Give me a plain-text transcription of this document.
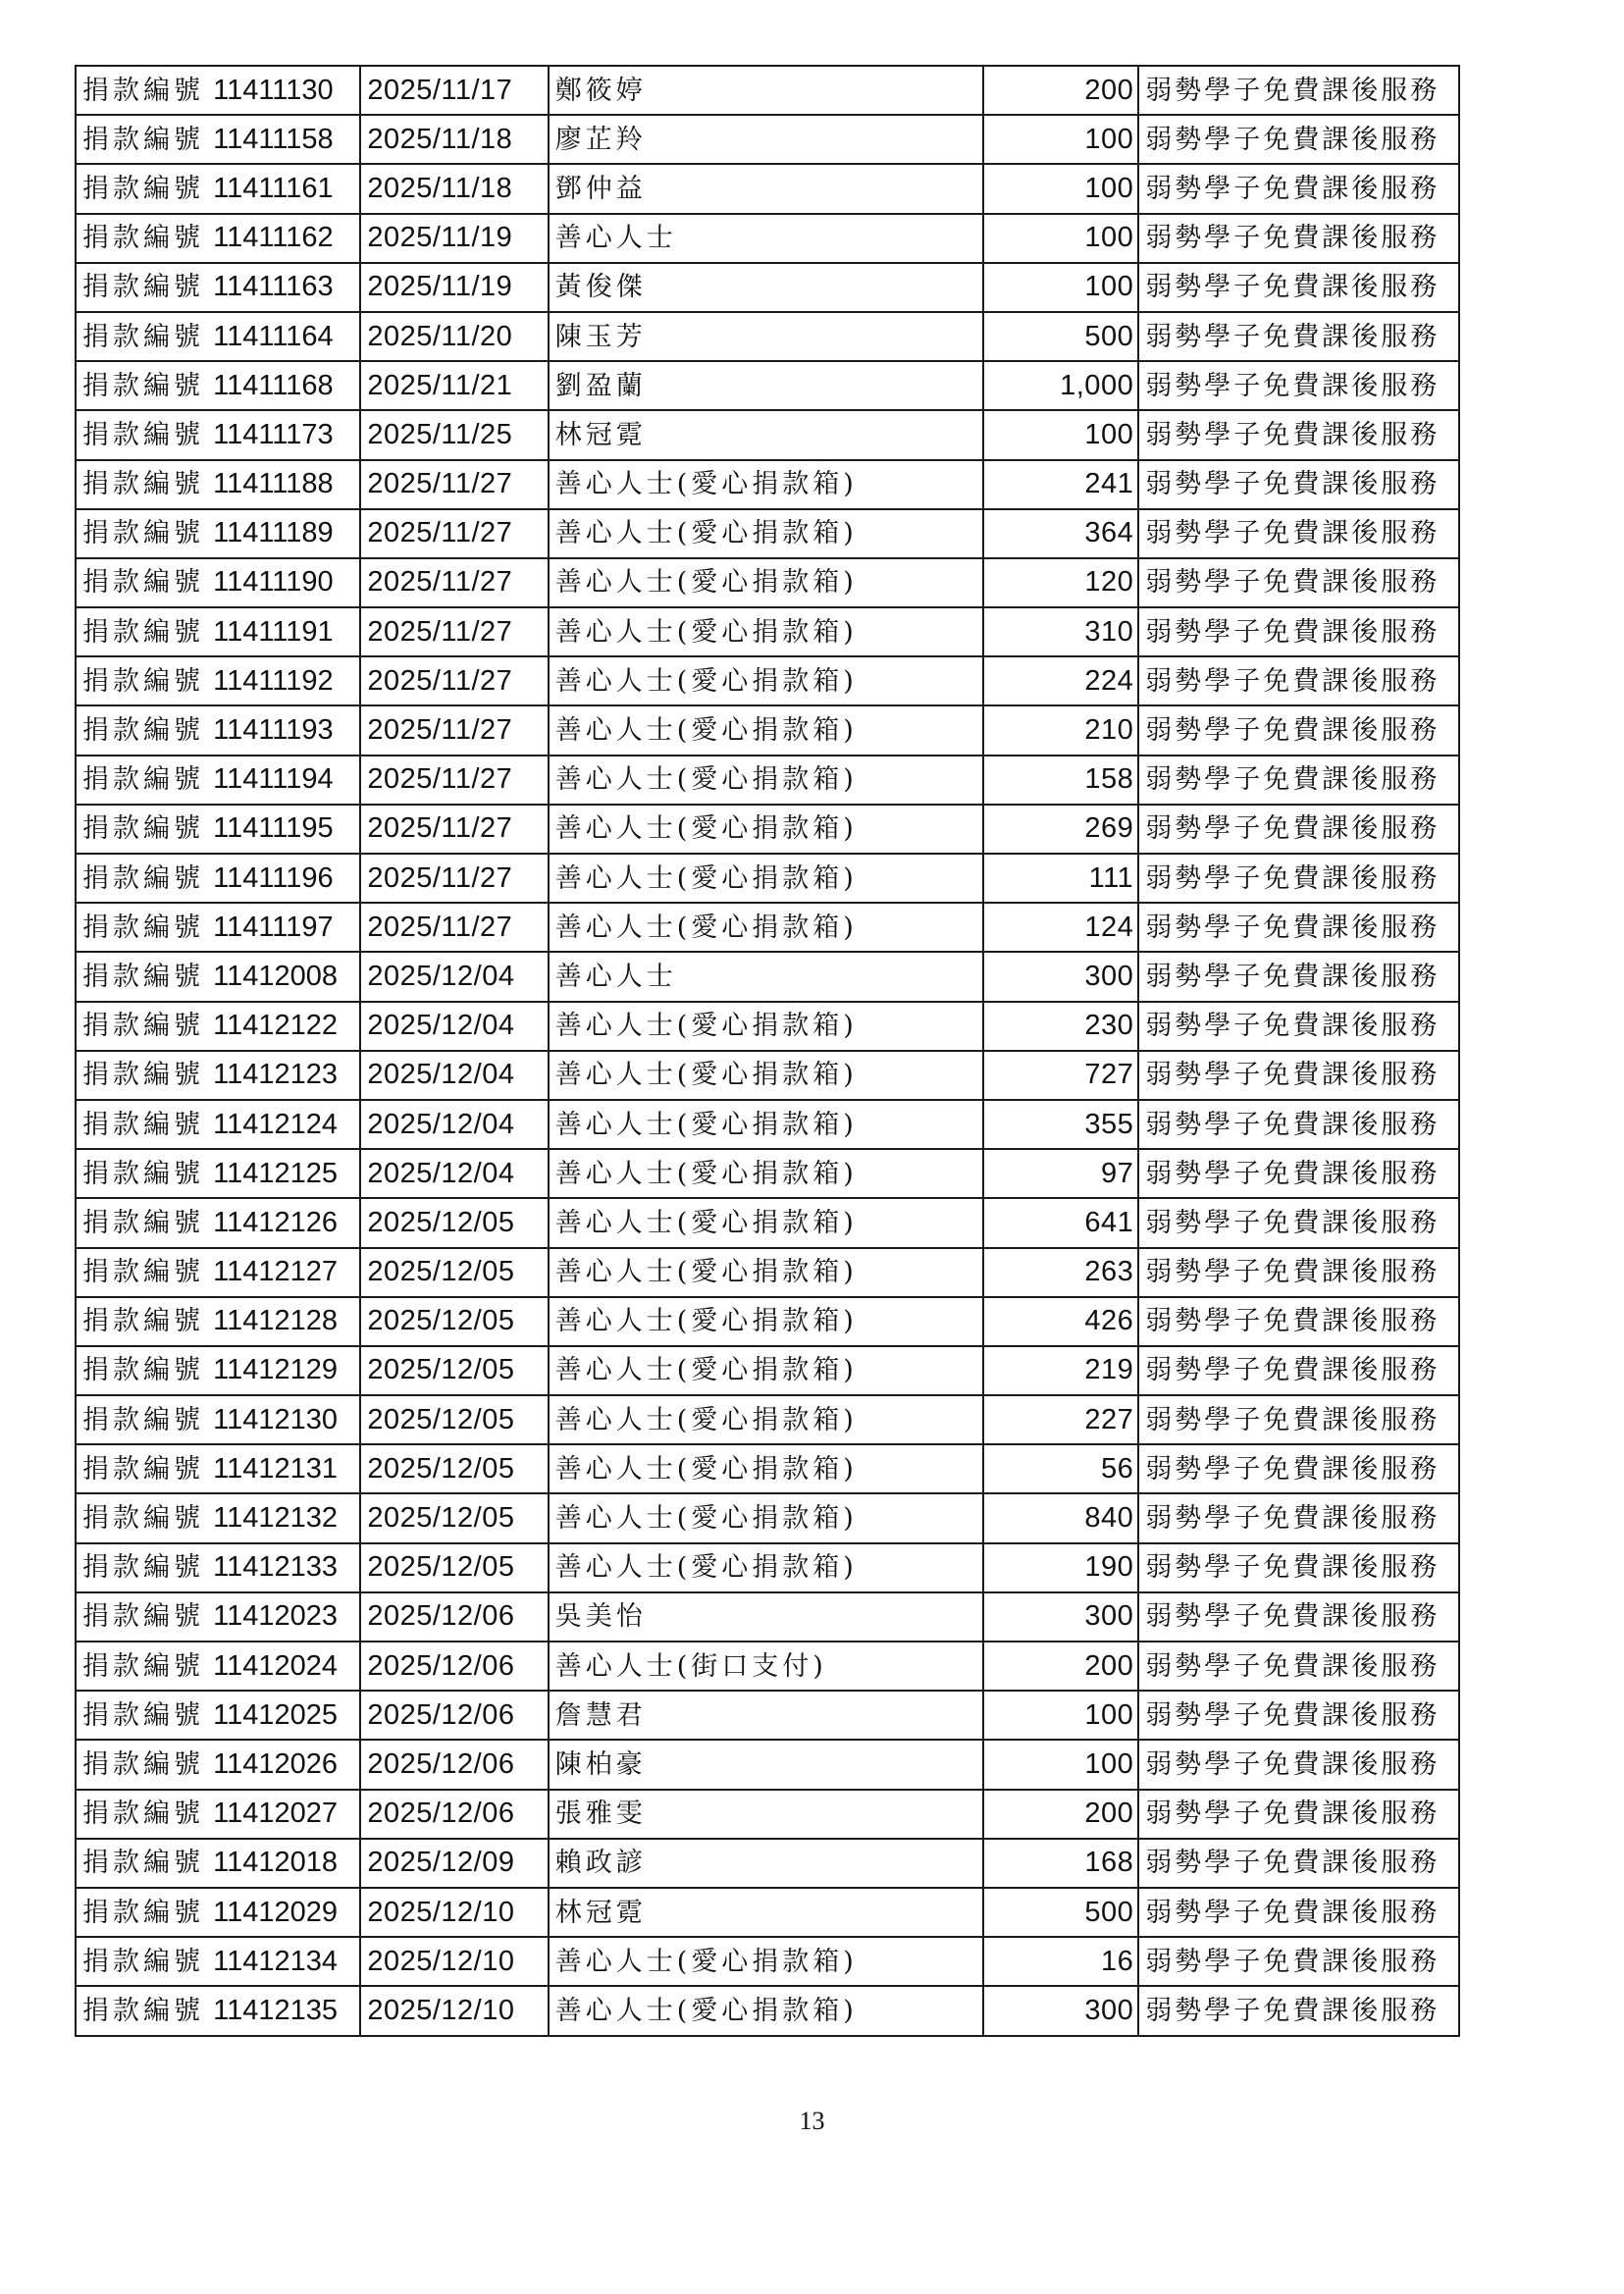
捐款編號 11411130	2025/11/17	鄭筱婷	200	弱勢學子免費課後服務
捐款編號 11411158	2025/11/18	廖芷羚	100	弱勢學子免費課後服務
捐款編號 11411161	2025/11/18	鄧仲益	100	弱勢學子免費課後服務
捐款編號 11411162	2025/11/19	善心人士	100	弱勢學子免費課後服務
捐款編號 11411163	2025/11/19	黃俊傑	100	弱勢學子免費課後服務
捐款編號 11411164	2025/11/20	陳玉芳	500	弱勢學子免費課後服務
捐款編號 11411168	2025/11/21	劉盈蘭	1,000	弱勢學子免費課後服務
捐款編號 11411173	2025/11/25	林冠霓	100	弱勢學子免費課後服務
捐款編號 11411188	2025/11/27	善心人士(愛心捐款箱)	241	弱勢學子免費課後服務
捐款編號 11411189	2025/11/27	善心人士(愛心捐款箱)	364	弱勢學子免費課後服務
捐款編號 11411190	2025/11/27	善心人士(愛心捐款箱)	120	弱勢學子免費課後服務
捐款編號 11411191	2025/11/27	善心人士(愛心捐款箱)	310	弱勢學子免費課後服務
捐款編號 11411192	2025/11/27	善心人士(愛心捐款箱)	224	弱勢學子免費課後服務
捐款編號 11411193	2025/11/27	善心人士(愛心捐款箱)	210	弱勢學子免費課後服務
捐款編號 11411194	2025/11/27	善心人士(愛心捐款箱)	158	弱勢學子免費課後服務
捐款編號 11411195	2025/11/27	善心人士(愛心捐款箱)	269	弱勢學子免費課後服務
捐款編號 11411196	2025/11/27	善心人士(愛心捐款箱)	111	弱勢學子免費課後服務
捐款編號 11411197	2025/11/27	善心人士(愛心捐款箱)	124	弱勢學子免費課後服務
捐款編號 11412008	2025/12/04	善心人士	300	弱勢學子免費課後服務
捐款編號 11412122	2025/12/04	善心人士(愛心捐款箱)	230	弱勢學子免費課後服務
捐款編號 11412123	2025/12/04	善心人士(愛心捐款箱)	727	弱勢學子免費課後服務
捐款編號 11412124	2025/12/04	善心人士(愛心捐款箱)	355	弱勢學子免費課後服務
捐款編號 11412125	2025/12/04	善心人士(愛心捐款箱)	97	弱勢學子免費課後服務
捐款編號 11412126	2025/12/05	善心人士(愛心捐款箱)	641	弱勢學子免費課後服務
捐款編號 11412127	2025/12/05	善心人士(愛心捐款箱)	263	弱勢學子免費課後服務
捐款編號 11412128	2025/12/05	善心人士(愛心捐款箱)	426	弱勢學子免費課後服務
捐款編號 11412129	2025/12/05	善心人士(愛心捐款箱)	219	弱勢學子免費課後服務
捐款編號 11412130	2025/12/05	善心人士(愛心捐款箱)	227	弱勢學子免費課後服務
捐款編號 11412131	2025/12/05	善心人士(愛心捐款箱)	56	弱勢學子免費課後服務
捐款編號 11412132	2025/12/05	善心人士(愛心捐款箱)	840	弱勢學子免費課後服務
捐款編號 11412133	2025/12/05	善心人士(愛心捐款箱)	190	弱勢學子免費課後服務
捐款編號 11412023	2025/12/06	吳美怡	300	弱勢學子免費課後服務
捐款編號 11412024	2025/12/06	善心人士(街口支付)	200	弱勢學子免費課後服務
捐款編號 11412025	2025/12/06	詹慧君	100	弱勢學子免費課後服務
捐款編號 11412026	2025/12/06	陳柏豪	100	弱勢學子免費課後服務
捐款編號 11412027	2025/12/06	張雅雯	200	弱勢學子免費課後服務
捐款編號 11412018	2025/12/09	賴政諺	168	弱勢學子免費課後服務
捐款編號 11412029	2025/12/10	林冠霓	500	弱勢學子免費課後服務
捐款編號 11412134	2025/12/10	善心人士(愛心捐款箱)	16	弱勢學子免費課後服務
捐款編號 11412135	2025/12/10	善心人士(愛心捐款箱)	300	弱勢學子免費課後服務
13
